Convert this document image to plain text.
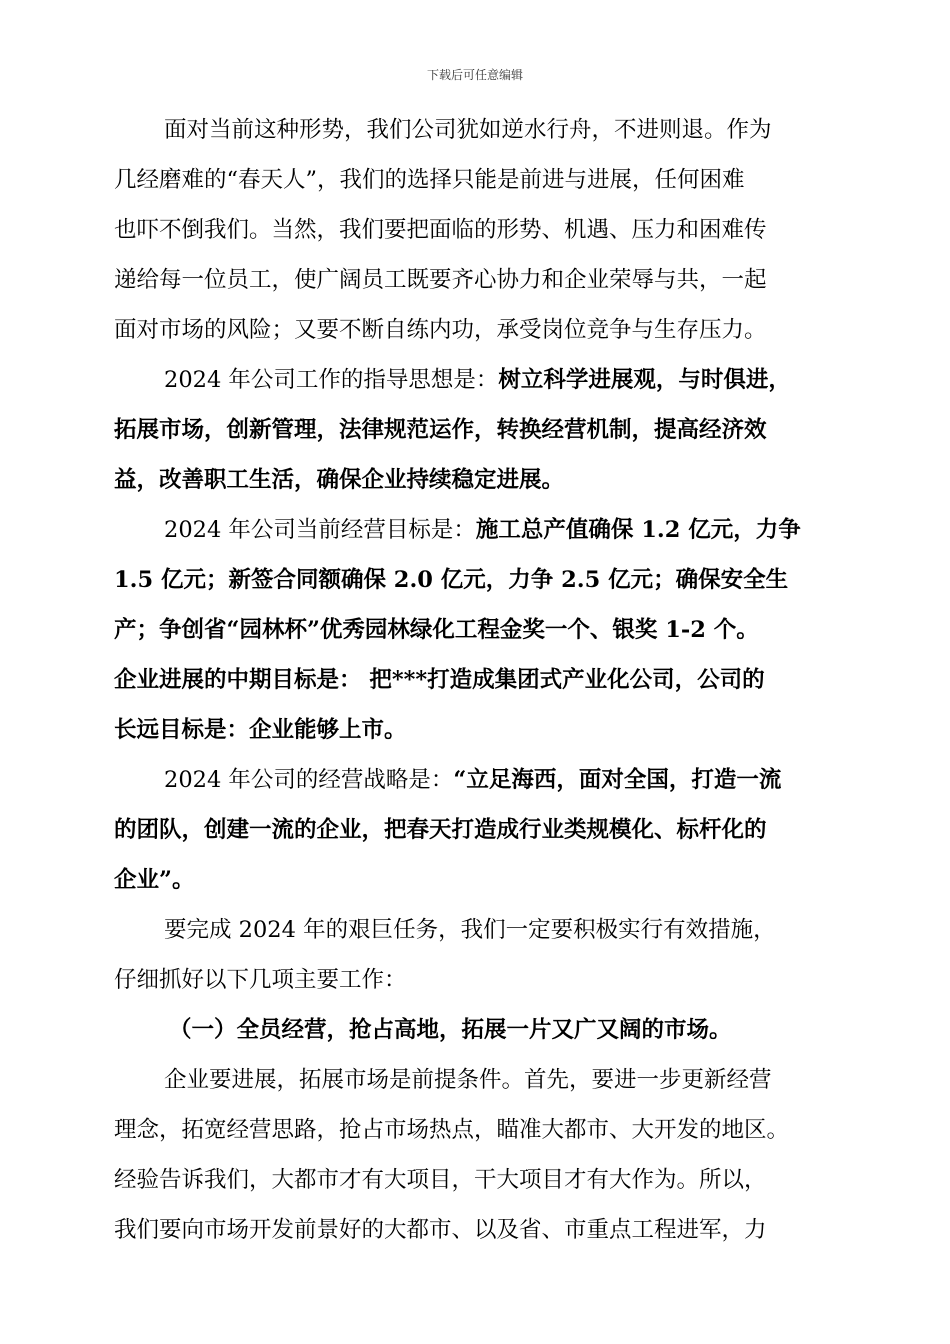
下载后可任意编辑
面对当前这种形势，我们公司犹如逆水行舟，不进则退。作为
几经磨难的“春天人”，我们的选择只能是前进与进展，任何困难
也吓不倒我们。当然，我们要把面临的形势、机遇、压力和困难传
递给每一位员工，使广阔员工既要齐心协力和企业荣辱与共，一起
面对市场的风险；又要不断自练内功，承受岗位竞争与生存压力。
2024 年公司工作的指导思想是：树立科学进展观，与时俱进，
拓展市场，创新管理，法律规范运作，转换经营机制，提高经济效
益，改善职工生活，确保企业持续稳定进展。
2024 年公司当前经营目标是：施工总产值确保 1.2 亿元，力争
1.5 亿元；新签合同额确保 2.0 亿元，力争 2.5 亿元；确保安全生
产；争创省“园林杯”优秀园林绿化工程金奖一个、银奖 1-2 个。
企业进展的中期目标是： 把***打造成集团式产业化公司，公司的
长远目标是：企业能够上市。
2024 年公司的经营战略是：“立足海西，面对全国，打造一流
的团队，创建一流的企业，把春天打造成行业类规模化、标杆化的
企业”。
要完成 2024 年的艰巨任务，我们一定要积极实行有效措施，
仔细抓好以下几项主要工作：
（一）全员经营，抢占高地，拓展一片又广又阔的市场。
企业要进展，拓展市场是前提条件。首先，要进一步更新经营
理念，拓宽经营思路，抢占市场热点，瞄准大都市、大开发的地区。
经验告诉我们，大都市才有大项目，干大项目才有大作为。所以，
我们要向市场开发前景好的大都市、以及省、市重点工程进军，力
